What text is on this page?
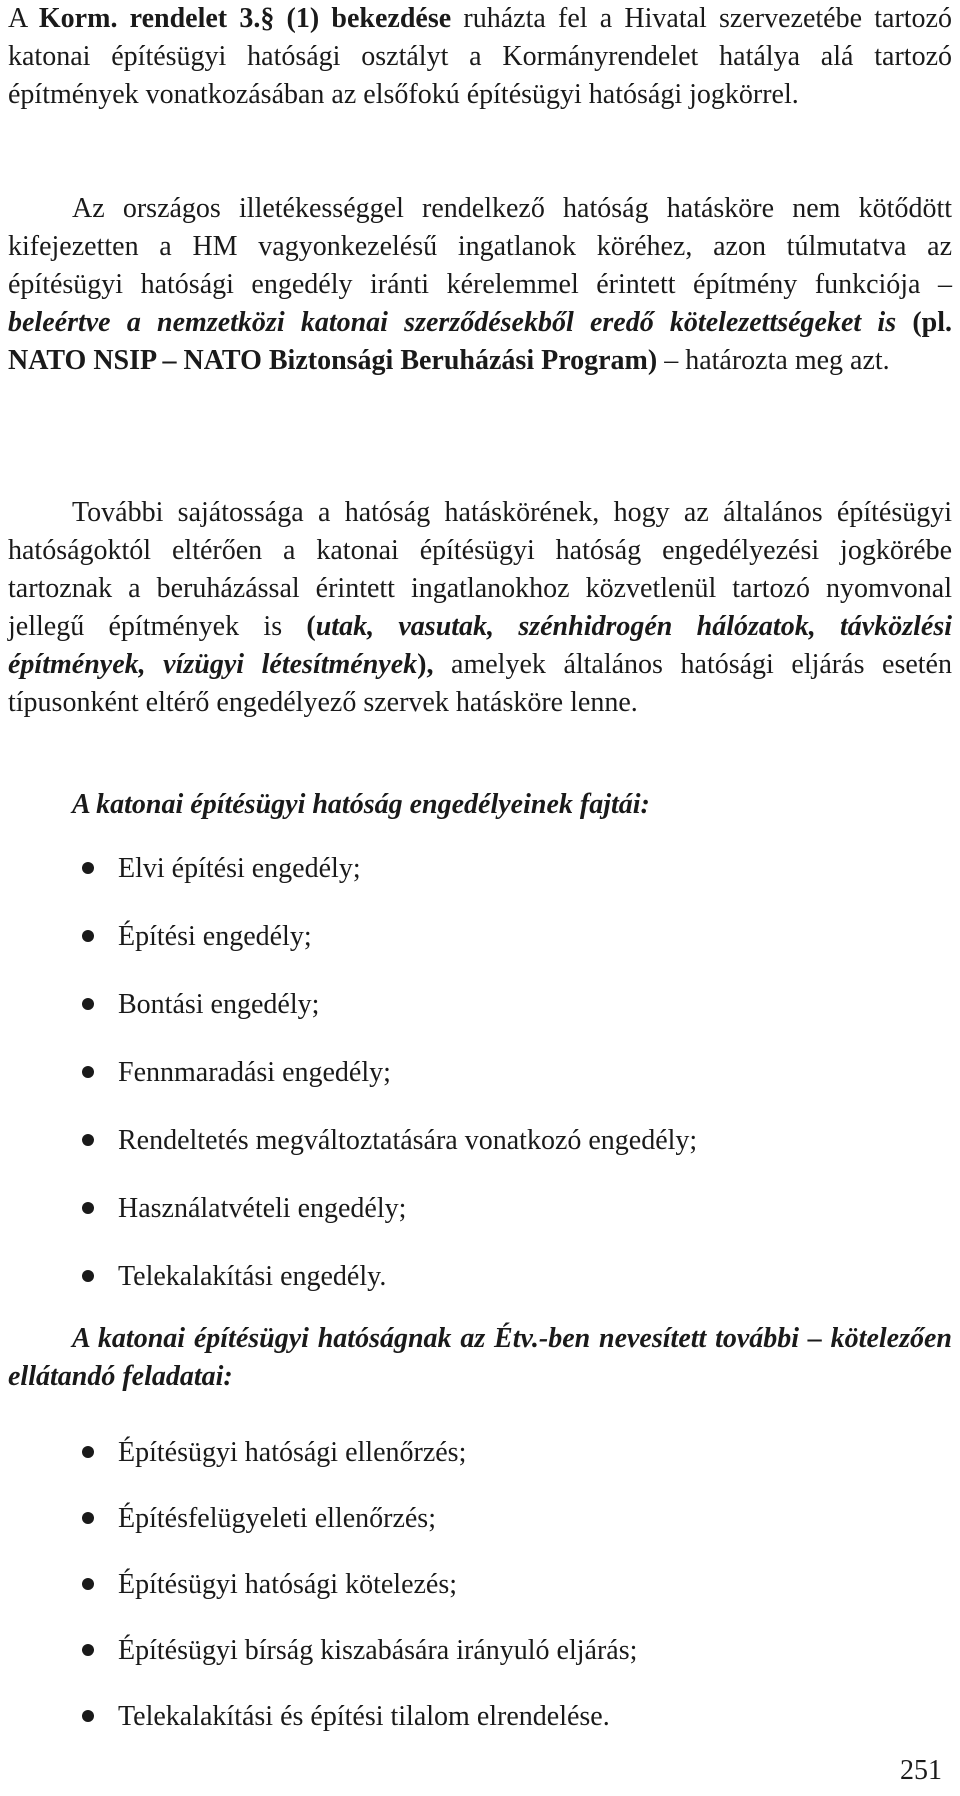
A Korm. rendelet 3.§ (1) bekezdése ruházta fel a Hivatal szervezetébe tartozó katonai építésügyi hatósági osztályt a Kormányrendelet hatálya alá tartozó építmények vonatkozásában az elsőfokú építésügyi hatósági jogkörrel.

Az országos illetékességgel rendelkező hatóság hatásköre nem kötődött kifejezetten a HM vagyonkezelésű ingatlanok köréhez, azon túlmutatva az építésügyi hatósági engedély iránti kérelemmel érintett építmény funkciója – beleértve a nemzetközi katonai szerződésekből eredő kötelezettségeket is (pl. NATO NSIP – NATO Biztonsági Beruházási Program) – határozta meg azt.

További sajátossága a hatóság hatáskörének, hogy az általános építésügyi hatóságoktól eltérően a katonai építésügyi hatóság engedélyezési jogkörébe tartoznak a beruházással érintett ingatlanokhoz közvetlenül tartozó nyomvonal jellegű építmények is (utak, vasutak, szénhidrogén hálózatok, távközlési építmények, vízügyi létesítmények), amelyek általános hatósági eljárás esetén típusonként eltérő engedélyező szervek hatásköre lenne.

A katonai építésügyi hatóság engedélyeinek fajtái:

Elvi építési engedély;
Építési engedély;
Bontási engedély;
Fennmaradási engedély;
Rendeltetés megváltoztatására vonatkozó engedély;
Használatvételi engedély;
Telekalakítási engedély.

A katonai építésügyi hatóságnak az Étv.-ben nevesített további – kötelezően ellátandó feladatai:

Építésügyi hatósági ellenőrzés;
Építésfelügyeleti ellenőrzés;
Építésügyi hatósági kötelezés;
Építésügyi bírság kiszabására irányuló eljárás;
Telekalakítási és építési tilalom elrendelése.
251
